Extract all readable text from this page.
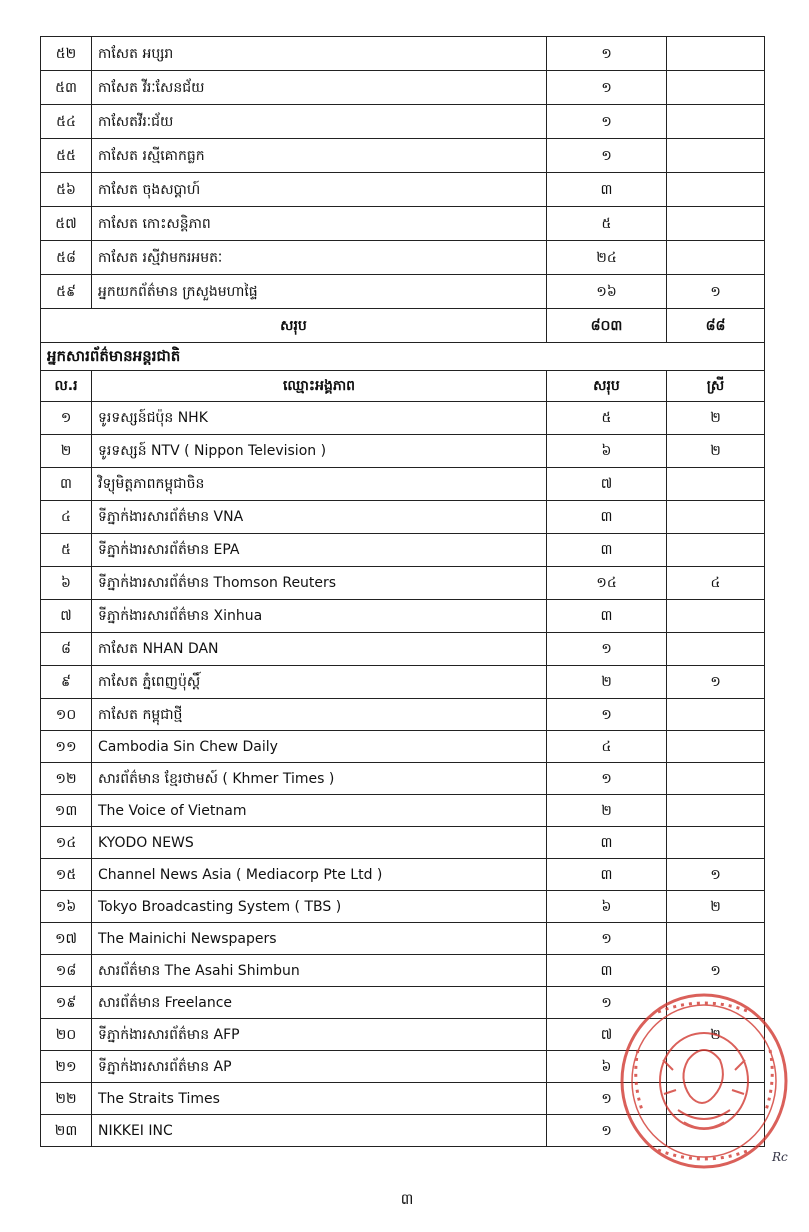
៥២	កាសែត អប្សរា	១	
៥៣	កាសែត វីរៈសែនជ័យ	១	
៥៤	កាសែតវីរៈជ័យ	១	
៥៥	កាសែត រស្មីគោកធ្លក	១	
៥៦	កាសែត ចុងសប្តាហ៍	៣	
៥៧	កាសែត កោះសន្តិភាព	៥	
៥៨	កាសែត រស្មីវាមករអមតៈ	២៤	
៥៩	អ្នកយកព័ត៌មាន ក្រសួងមហាផ្ទៃ	១៦	១
សរុប		៨០៣	៨៨
អ្នកសារព័ត៌មានអន្តរជាតិ			
ល.រ	ឈ្មោះអង្គភាព	សរុប	ស្រី
១	ទូរទស្សន៍ជប៉ុន NHK	៥	២
២	ទូរទស្សន៍ NTV ( Nippon Television )	៦	២
៣	វិទ្យុមិត្តភាពកម្ពុជាចិន	៧	
៤	ទីភ្នាក់ងារសារព័ត៌មាន VNA	៣	
៥	ទីភ្នាក់ងារសារព័ត៌មាន EPA	៣	
៦	ទីភ្នាក់ងារសារព័ត៌មាន Thomson Reuters	១៤	៤
៧	ទីភ្នាក់ងារសារព័ត៌មាន Xinhua	៣	
៨	កាសែត NHAN DAN	១	
៩	កាសែត ភ្នំពេញប៉ុស្ដិ៍	២	១
១០	កាសែត កម្ពុជាថ្មី	១	
១១	Cambodia Sin Chew Daily	៤	
១២	សារព័ត៌មាន ខ្មែរថាមស៍ ( Khmer Times )	១	
១៣	The Voice of Vietnam	២	
១៤	KYODO NEWS	៣	
១៥	Channel News Asia ( Mediacorp Pte Ltd )	៣	១
១៦	Tokyo Broadcasting System ( TBS )	៦	២
១៧	The Mainichi Newspapers	១	
១៨	សារព័ត៌មាន The Asahi Shimbun	៣	១
១៩	សារព័ត៌មាន Freelance	១	
២០	ទីភ្នាក់ងារសារព័ត៌មាន AFP	៧	២
២១	ទីភ្នាក់ងារសារព័ត៌មាន AP	៦	
២២	The Straits Times	១	
២៣	NIKKEI INC	១	
Rc
៣
